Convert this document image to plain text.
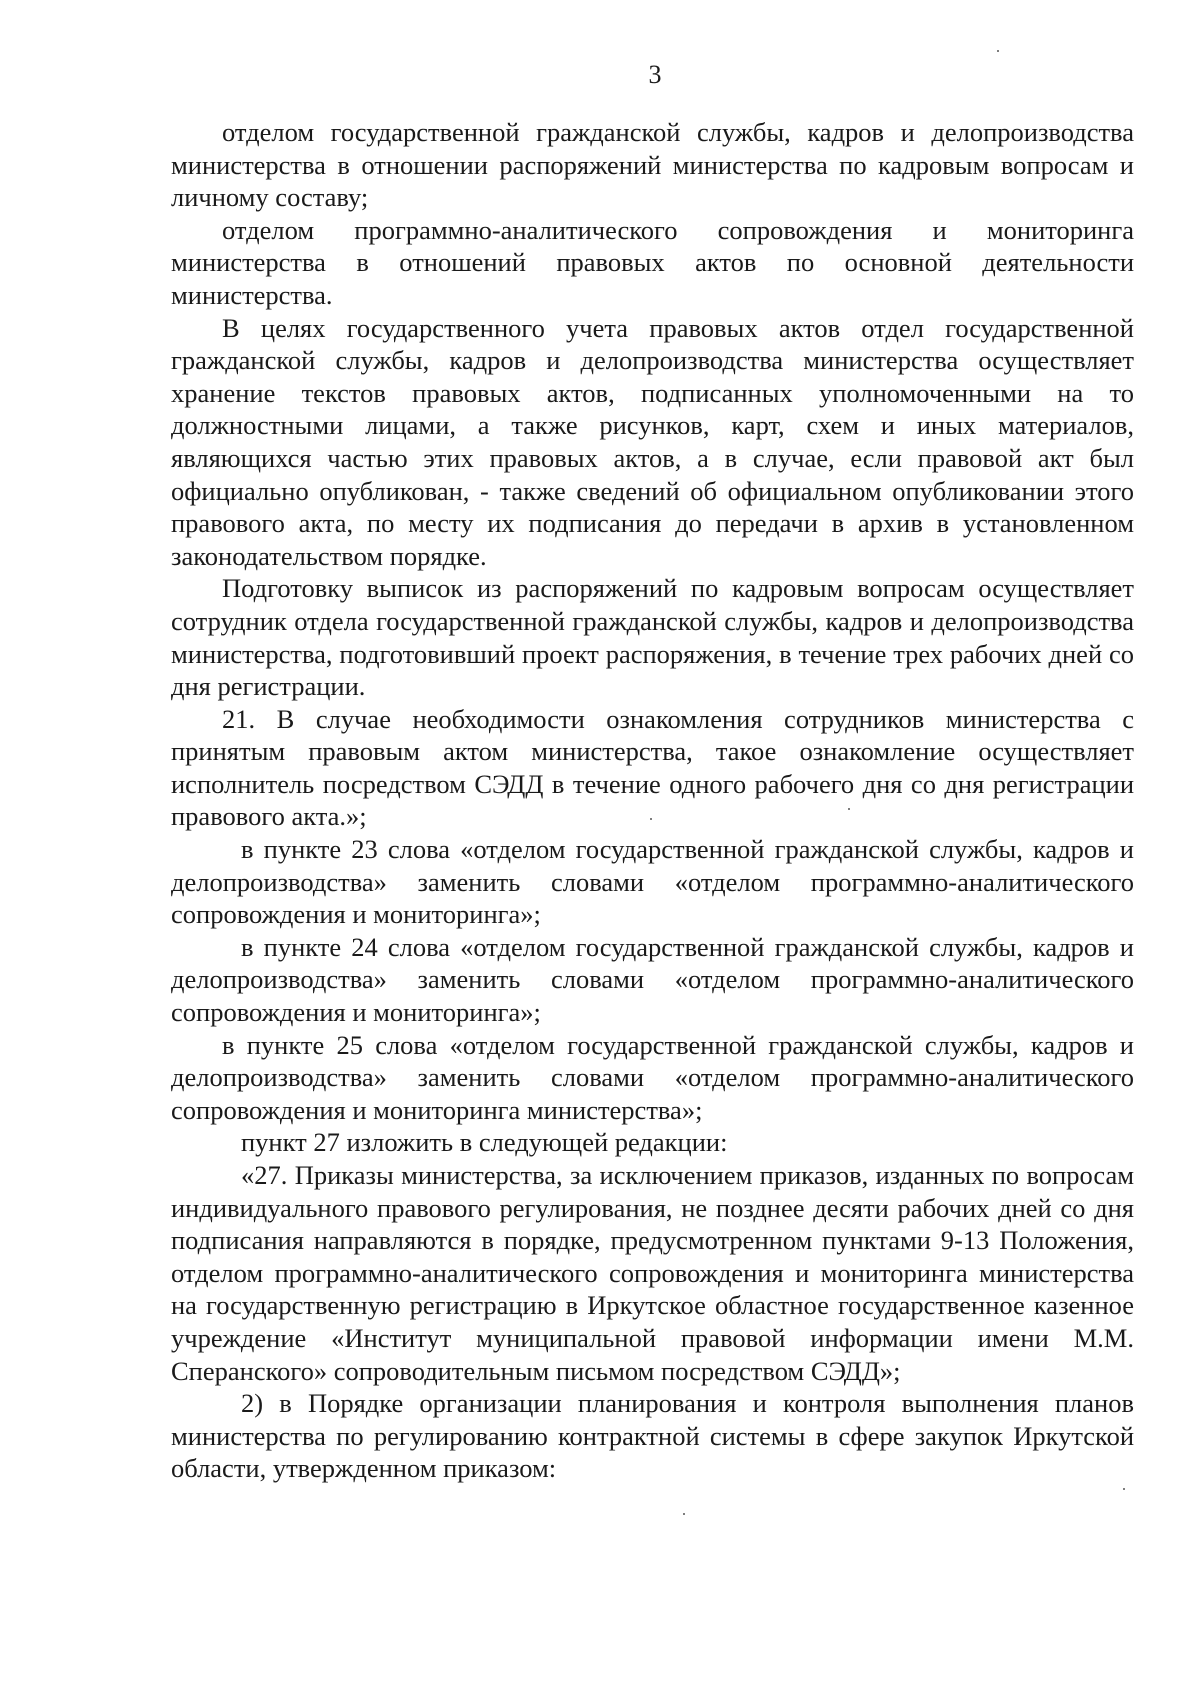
3

отделом государственной гражданской службы, кадров и делопроизводства министерства в отношении распоряжений министерства по кадровым вопросам и личному составу;

отделом программно-аналитического сопровождения и мониторинга министерства в отношений правовых актов по основной деятельности министерства.

В целях государственного учета правовых актов отдел государственной гражданской службы, кадров и делопроизводства министерства осуществляет хранение текстов правовых актов, подписанных уполномоченными на то должностными лицами, а также рисунков, карт, схем и иных материалов, являющихся частью этих правовых актов, а в случае, если правовой акт был официально опубликован, - также сведений об официальном опубликовании этого правового акта, по месту их подписания до передачи в архив в установленном законодательством порядке.

Подготовку выписок из распоряжений по кадровым вопросам осуществляет сотрудник отдела государственной гражданской службы, кадров и делопроизводства министерства, подготовивший проект распоряжения, в течение трех рабочих дней со дня регистрации.

21. В случае необходимости ознакомления сотрудников министерства с принятым правовым актом министерства, такое ознакомление осуществляет исполнитель посредством СЭДД в течение одного рабочего дня со дня регистрации правового акта.»;

в пункте 23 слова «отделом государственной гражданской службы, кадров и делопроизводства» заменить словами «отделом программно-аналитического сопровождения и мониторинга»;

в пункте 24 слова «отделом государственной гражданской службы, кадров и делопроизводства» заменить словами «отделом программно-аналитического сопровождения и мониторинга»;

в пункте 25 слова «отделом государственной гражданской службы, кадров и делопроизводства» заменить словами «отделом программно-аналитического сопровождения и мониторинга министерства»;

пункт 27 изложить в следующей редакции:

«27. Приказы министерства, за исключением приказов, изданных по вопросам индивидуального правового регулирования, не позднее десяти рабочих дней со дня подписания направляются в порядке, предусмотренном пунктами 9-13 Положения, отделом программно-аналитического сопровождения и мониторинга министерства на государственную регистрацию в Иркутское областное государственное казенное учреждение «Институт муниципальной правовой информации имени М.М. Сперанского» сопроводительным письмом посредством СЭДД»;

2) в Порядке организации планирования и контроля выполнения планов министерства по регулированию контрактной системы в сфере закупок Иркутской области, утвержденном приказом:
